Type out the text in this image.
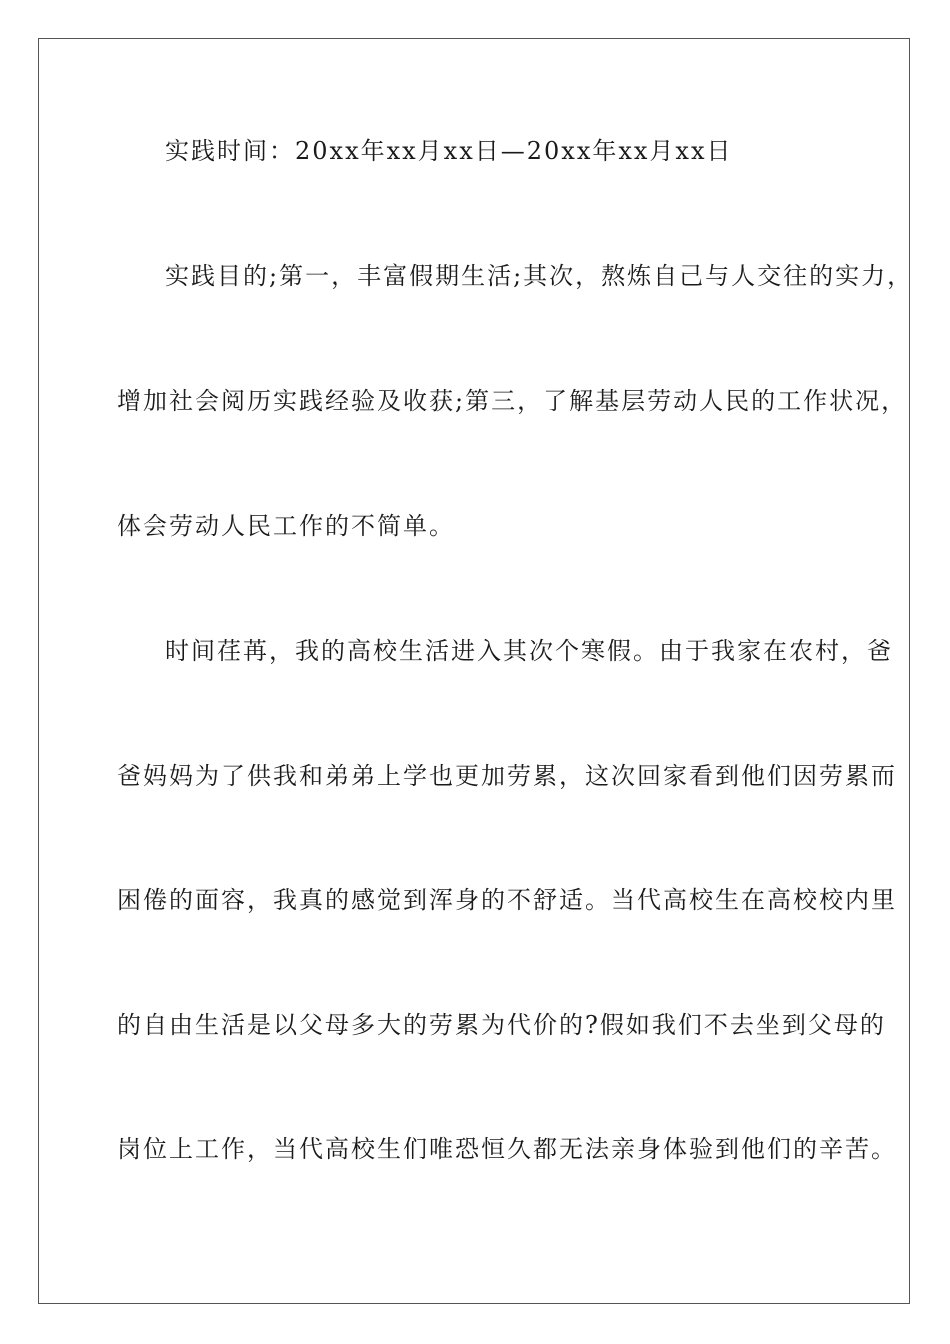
实践时间：20xx年xx月xx日—20xx年xx月xx日
实践目的;第一，丰富假期生活;其次，熬炼自己与人交往的实力，
增加社会阅历实践经验及收获;第三，了解基层劳动人民的工作状况，
体会劳动人民工作的不简单。
时间荏苒，我的高校生活进入其次个寒假。由于我家在农村，爸
爸妈妈为了供我和弟弟上学也更加劳累，这次回家看到他们因劳累而
困倦的面容，我真的感觉到浑身的不舒适。当代高校生在高校校内里
的自由生活是以父母多大的劳累为代价的?假如我们不去坐到父母的
岗位上工作，当代高校生们唯恐恒久都无法亲身体验到他们的辛苦。
